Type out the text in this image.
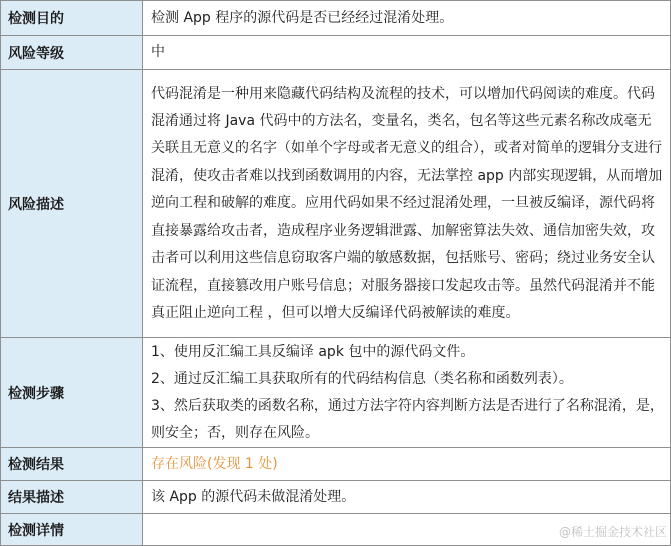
检测目的	检测 App 程序的源代码是否已经经过混淆处理。
风险等级	中
风险描述	代码混淆是一种用来隐藏代码结构及流程的技术，可以增加代码阅读的难度。代码混淆通过将 Java 代码中的方法名，变量名，类名，包名等这些元素名称改成毫无关联且无意义的名字（如单个字母或者无意义的组合），或者对简单的逻辑分支进行混淆，使攻击者难以找到函数调用的内容，无法掌控 app 内部实现逻辑，从而增加逆向工程和破解的难度。应用代码如果不经过混淆处理，一旦被反编译，源代码将直接暴露给攻击者，造成程序业务逻辑泄露、加解密算法失效、通信加密失效，攻击者可以利用这些信息窃取客户端的敏感数据，包括账号、密码；绕过业务安全认证流程，直接篡改用户账号信息；对服务器接口发起攻击等。虽然代码混淆并不能真正阻止逆向工程 ，但可以增大反编译代码被解读的难度。

检测步骤	1、使用反汇编工具反编译 apk 包中的源代码文件。
2、通过反汇编工具获取所有的代码结构信息（类名称和函数列表）。
3、然后获取类的函数名称，通过方法字符内容判断方法是否进行了名称混淆，是，则安全；否，则存在风险。

检测结果	存在风险(发现 1 处)
结果描述	该 App 的源代码未做混淆处理。
检测详情		@稀土掘金技术社区
